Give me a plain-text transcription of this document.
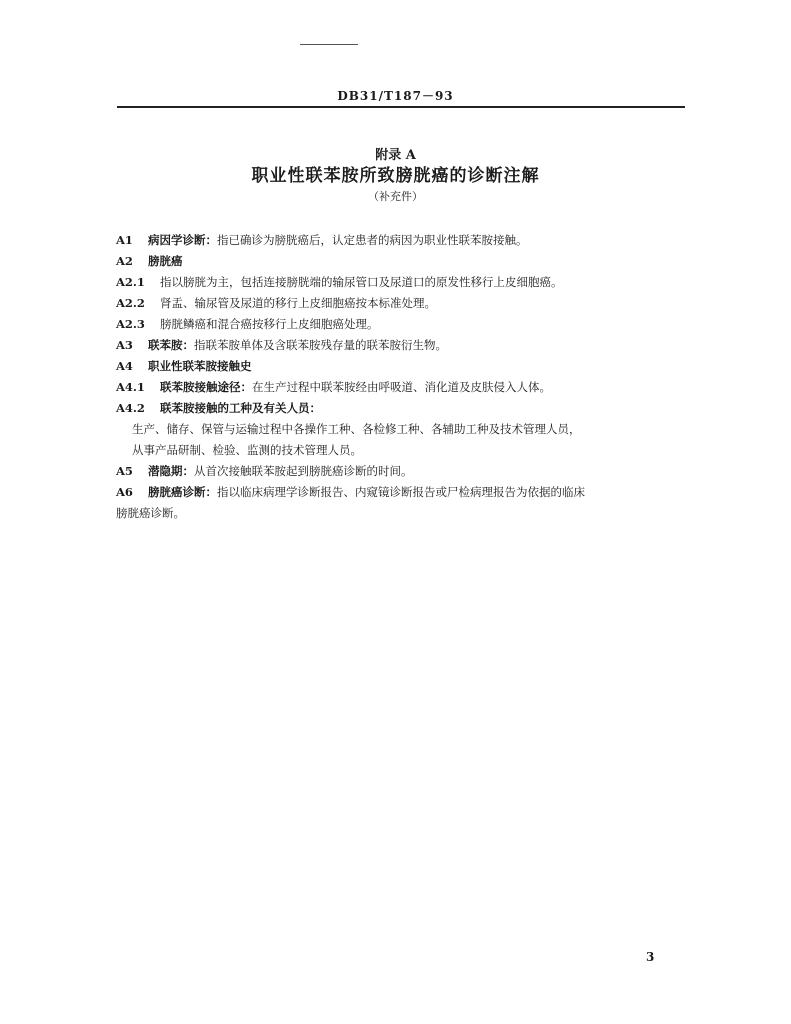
DB31/T187－93
附录 A
职业性联苯胺所致膀胱癌的诊断注解
（补充件）
A1 病因学诊断：指已确诊为膀胱癌后，认定患者的病因为职业性联苯胺接触。
A2 膀胱癌
A2.1 指以膀胱为主，包括连接膀胱端的输尿管口及尿道口的原发性移行上皮细胞癌。
A2.2 肾盂、输尿管及尿道的移行上皮细胞癌按本标准处理。
A2.3 膀胱鳞癌和混合癌按移行上皮细胞癌处理。
A3 联苯胺：指联苯胺单体及含联苯胺残存量的联苯胺衍生物。
A4 职业性联苯胺接触史
A4.1 联苯胺接触途径：在生产过程中联苯胺经由呼吸道、消化道及皮肤侵入人体。
A4.2 联苯胺接触的工种及有关人员：
生产、储存、保管与运输过程中各操作工种、各检修工种、各辅助工种及技术管理人员，
从事产品研制、检验、监测的技术管理人员。
A5 潜隐期：从首次接触联苯胺起到膀胱癌诊断的时间。
A6 膀胱癌诊断：指以临床病理学诊断报告、内窥镜诊断报告或尸检病理报告为依据的临床
膀胱癌诊断。
3
